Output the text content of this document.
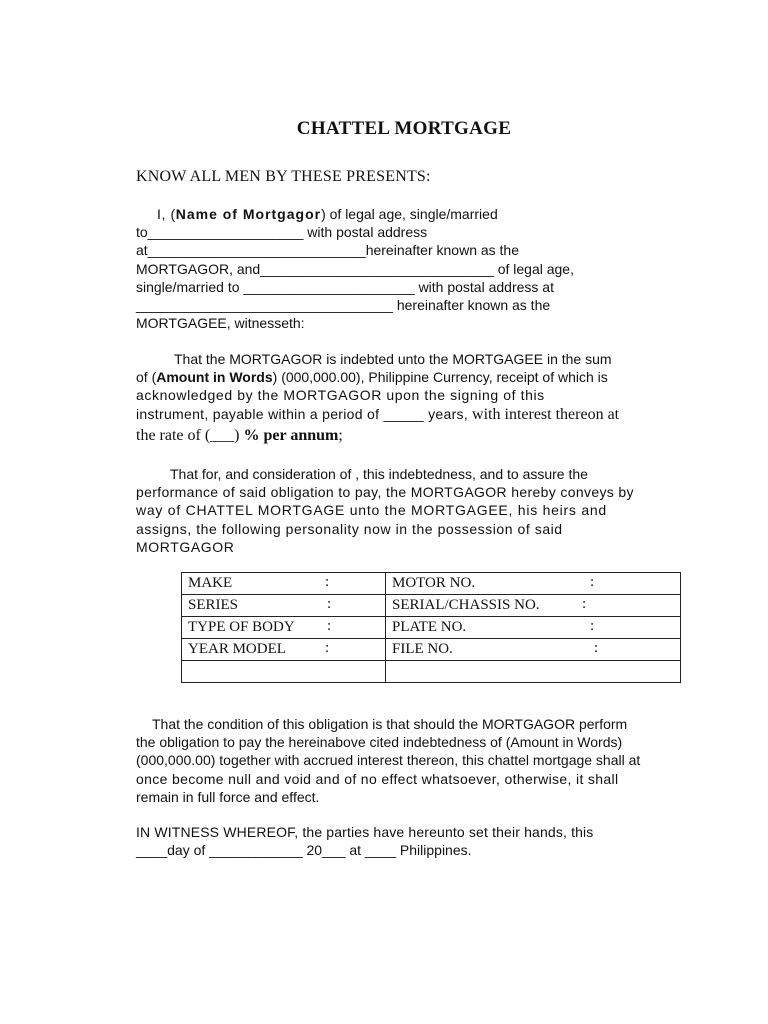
CHATTEL MORTGAGE
KNOW ALL MEN BY THESE PRESENTS:
I, (Name of Mortgagor) of legal age, single/married
to____________________ with postal address
at____________________________hereinafter known as the
MORTGAGOR, and______________________________ of legal age,
single/married to ______________________ with postal address at
_________________________________ hereinafter known as the
MORTGAGEE, witnesseth:
That the MORTGAGOR is indebted unto the MORTGAGEE in the sum
of (Amount in Words) (000,000.00), Philippine Currency, receipt of which is
acknowledged by the MORTGAGOR upon the signing of this
instrument, payable within a period of _____ years, with interest thereon at
the rate of (___) % per annum;
That for, and consideration of , this indebtedness, and to assure the
performance of said obligation to pay, the MORTGAGOR hereby conveys by
way of CHATTEL MORTGAGE unto the MORTGAGEE, his heirs and
assigns, the following personality now in the possession of said
MORTGAGOR
MAKE :	MOTOR NO. :

SERIES :	SERIAL/CHASSIS NO. :

TYPE OF BODY :	PLATE NO. :

YEAR MODEL :	FILE NO. :

That the condition of this obligation is that should the MORTGAGOR perform
the obligation to pay the hereinabove cited indebtedness of (Amount in Words)
(000,000.00) together with accrued interest thereon, this chattel mortgage shall at
once become null and void and of no effect whatsoever, otherwise, it shall
remain in full force and effect.
IN WITNESS WHEREOF, the parties have hereunto set their hands, this
____day of ____________ 20___ at ____ Philippines.
